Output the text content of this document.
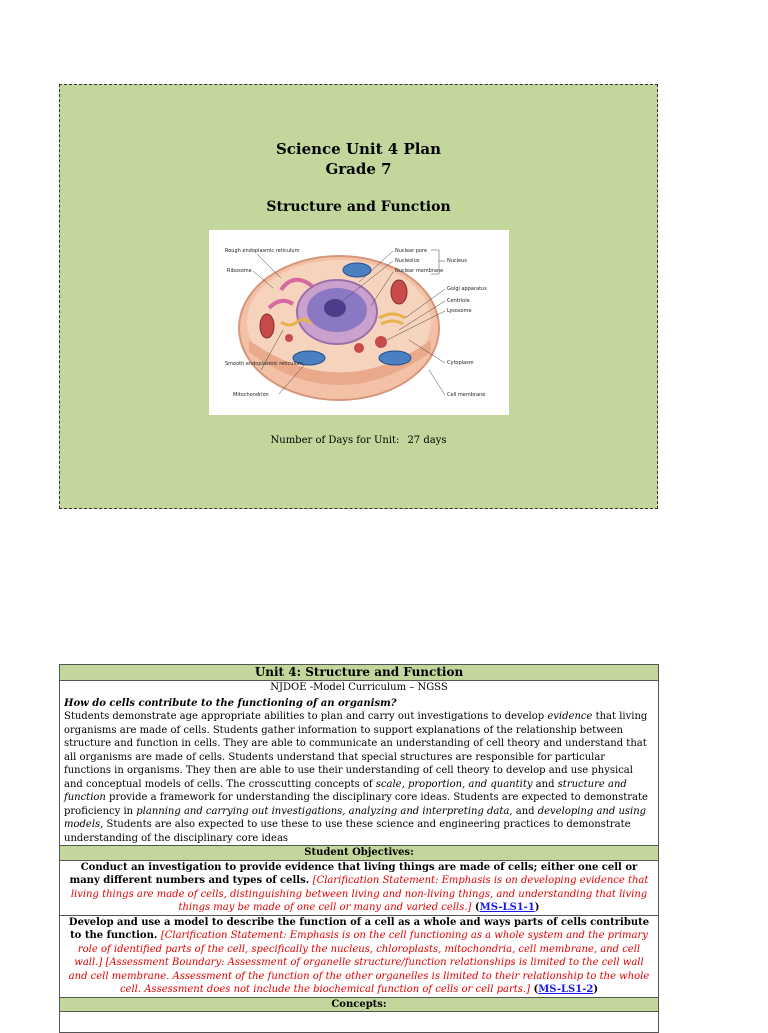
Science Unit 4 Plan
Grade 7
Structure and Function
Rough endoplasmic reticulum
Ribosome
Nuclear pore
Nucleolus	Nucleus
Nuclear membrane
Golgi apparatus
Centriole
Lysosome
Smooth endoplasmic reticulum	Cytoplasm
Mitochondrion	Cell membrane
Number of Days for Unit: 27 days
Unit 4: Structure and Function

NJDOE -Model Curriculum – NGSS
How do cells contribute to the functioning of an organism?
Students demonstrate age appropriate abilities to plan and carry out investigations to develop evidence that living organisms are made of cells. Students gather information to support explanations of the relationship between structure and function in cells. They are able to communicate an understanding of cell theory and understand that all organisms are made of cells. Students understand that special structures are responsible for particular functions in organisms. They then are able to use their understanding of cell theory to develop and use physical and conceptual models of cells. The crosscutting concepts of scale, proportion, and quantity and structure and function provide a framework for understanding the disciplinary core ideas. Students are expected to demonstrate proficiency in planning and carrying out investigations, analyzing and interpreting data, and developing and using models, Students are also expected to use these to use these science and engineering practices to demonstrate understanding of the disciplinary core ideas
Student Objectives:
Conduct an investigation to provide evidence that living things are made of cells; either one cell or many different numbers and types of cells. [Clarification Statement: Emphasis is on developing evidence that living things are made of cells, distinguishing between living and non-living things, and understanding that living things may be made of one cell or many and varied cells.] (MS-LS1-1)
Develop and use a model to describe the function of a cell as a whole and ways parts of cells contribute to the function. [Clarification Statement: Emphasis is on the cell functioning as a whole system and the primary role of identified parts of the cell, specifically the nucleus, chloroplasts, mitochondria, cell membrane, and cell wall.] [Assessment Boundary: Assessment of organelle structure/function relationships is limited to the cell wall and cell membrane. Assessment of the function of the other organelles is limited to their relationship to the whole cell. Assessment does not include the biochemical function of cells or cell parts.] (MS-LS1-2)
Concepts:
